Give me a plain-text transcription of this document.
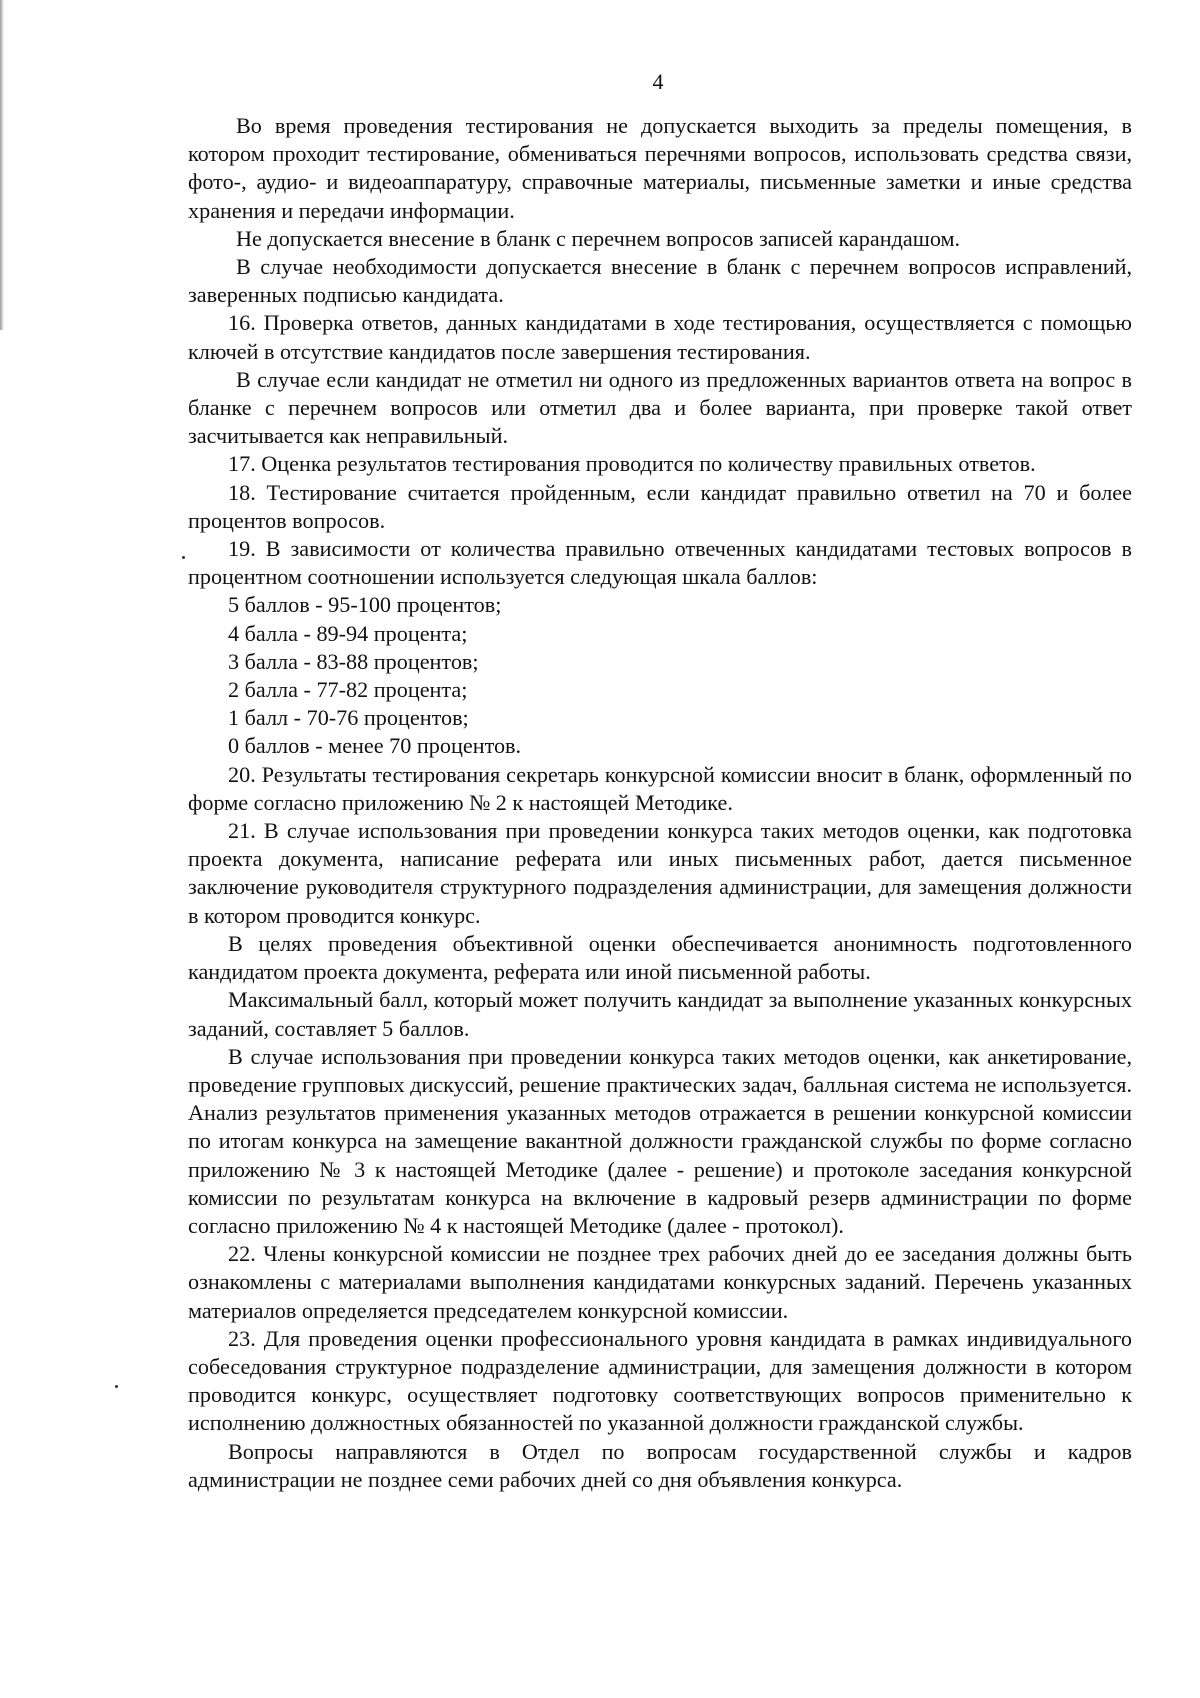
4

Во время проведения тестирования не допускается выходить за пределы помещения, в котором проходит тестирование, обмениваться перечнями вопросов, использовать средства связи, фото-, аудио- и видеоаппаратуру, справочные материалы, письменные заметки и иные средства хранения и передачи информации.

Не допускается внесение в бланк с перечнем вопросов записей карандашом.

В случае необходимости допускается внесение в бланк с перечнем вопросов исправлений, заверенных подписью кандидата.

16. Проверка ответов, данных кандидатами в ходе тестирования, осуществляется с помощью ключей в отсутствие кандидатов после завершения тестирования.

В случае если кандидат не отметил ни одного из предложенных вариантов ответа на вопрос в бланке с перечнем вопросов или отметил два и более варианта, при проверке такой ответ засчитывается как неправильный.

17. Оценка результатов тестирования проводится по количеству правильных ответов.

18. Тестирование считается пройденным, если кандидат правильно ответил на 70 и более процентов вопросов.

19. В зависимости от количества правильно отвеченных кандидатами тестовых вопросов в процентном соотношении используется следующая шкала баллов:

5 баллов - 95-100 процентов;
4 балла - 89-94 процента;
3 балла - 83-88 процентов;
2 балла - 77-82 процента;
1 балл - 70-76 процентов;
0 баллов - менее 70 процентов.

20. Результаты тестирования секретарь конкурсной комиссии вносит в бланк, оформленный по форме согласно приложению № 2 к настоящей Методике.

21. В случае использования при проведении конкурса таких методов оценки, как подготовка проекта документа, написание реферата или иных письменных работ, дается письменное заключение руководителя структурного подразделения администрации, для замещения должности в котором проводится конкурс.

В целях проведения объективной оценки обеспечивается анонимность подготовленного кандидатом проекта документа, реферата или иной письменной работы.

Максимальный балл, который может получить кандидат за выполнение указанных конкурсных заданий, составляет 5 баллов.

В случае использования при проведении конкурса таких методов оценки, как анкетирование, проведение групповых дискуссий, решение практических задач, балльная система не используется. Анализ результатов применения указанных методов отражается в решении конкурсной комиссии по итогам конкурса на замещение вакантной должности гражданской службы по форме согласно приложению № 3 к настоящей Методике (далее - решение) и протоколе заседания конкурсной комиссии по результатам конкурса на включение в кадровый резерв администрации по форме согласно приложению № 4 к настоящей Методике (далее - протокол).

22. Члены конкурсной комиссии не позднее трех рабочих дней до ее заседания должны быть ознакомлены с материалами выполнения кандидатами конкурсных заданий. Перечень указанных материалов определяется председателем конкурсной комиссии.

23. Для проведения оценки профессионального уровня кандидата в рамках индивидуального собеседования структурное подразделение администрации, для замещения должности в котором проводится конкурс, осуществляет подготовку соответствующих вопросов применительно к исполнению должностных обязанностей по указанной должности гражданской службы.

Вопросы направляются в Отдел по вопросам государственной службы и кадров администрации не позднее семи рабочих дней со дня объявления конкурса.
